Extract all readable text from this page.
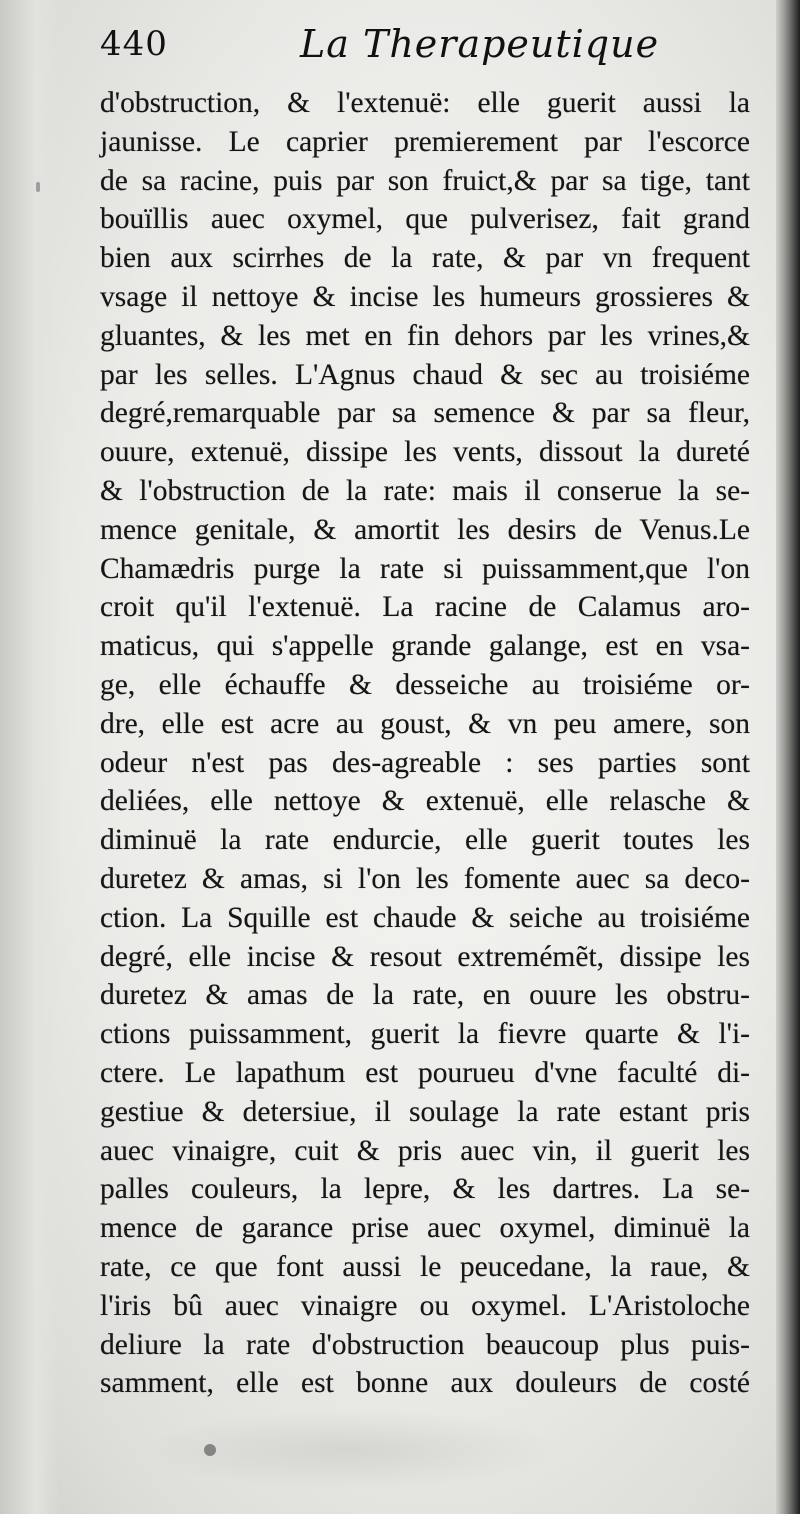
440	La Therapeutique
d'obstruction, & l'extenuë: elle guerit aussi la
jaunisse. Le caprier premierement par l'escorce
de sa racine, puis par son fruict,& par sa tige, tant
bouïllis auec oxymel, que pulverisez, fait grand
bien aux scirrhes de la rate, & par vn frequent
vsage il nettoye & incise les humeurs grossieres &
gluantes, & les met en fin dehors par les vrines,&
par les selles. L'Agnus chaud & sec au troisiéme
degré,remarquable par sa semence & par sa fleur,
ouure, extenuë, dissipe les vents, dissout la dureté
& l'obstruction de la rate: mais il conserue la se-
mence genitale, & amortit les desirs de Venus.Le
Chamædris purge la rate si puissamment,que l'on
croit qu'il l'extenuë. La racine de Calamus aro-
maticus, qui s'appelle grande galange, est en vsa-
ge, elle échauffe & desseiche au troisiéme or-
dre, elle est acre au goust, & vn peu amere, son
odeur n'est pas des-agreable : ses parties sont
deliées, elle nettoye & extenuë, elle relasche &
diminuë la rate endurcie, elle guerit toutes les
duretez & amas, si l'on les fomente auec sa deco-
ction. La Squille est chaude & seiche au troisiéme
degré, elle incise & resout extremémẽt, dissipe les
duretez & amas de la rate, en ouure les obstru-
ctions puissamment, guerit la fievre quarte & l'i-
ctere. Le lapathum est pourueu d'vne faculté di-
gestiue & detersiue, il soulage la rate estant pris
auec vinaigre, cuit & pris auec vin, il guerit les
palles couleurs, la lepre, & les dartres. La se-
mence de garance prise auec oxymel, diminuë la
rate, ce que font aussi le peucedane, la raue, &
l'iris bû auec vinaigre ou oxymel. L'Aristoloche
deliure la rate d'obstruction beaucoup plus puis-
samment, elle est bonne aux douleurs de costé
